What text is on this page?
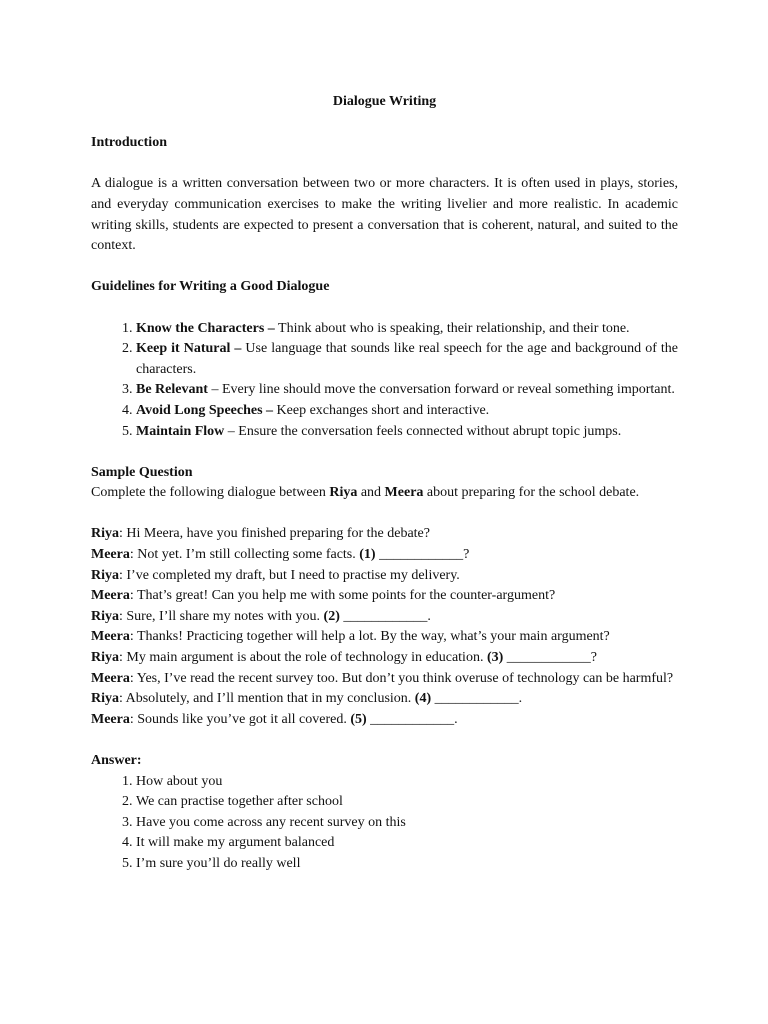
Dialogue Writing

Introduction

A dialogue is a written conversation between two or more characters. It is often used in plays, stories, and everyday communication exercises to make the writing livelier and more realistic. In academic writing skills, students are expected to present a conversation that is coherent, natural, and suited to the context.

Guidelines for Writing a Good Dialogue

1. Know the Characters – Think about who is speaking, their relationship, and their tone.
2. Keep it Natural – Use language that sounds like real speech for the age and background of the characters.
3. Be Relevant – Every line should move the conversation forward or reveal something important.
4. Avoid Long Speeches – Keep exchanges short and interactive.
5. Maintain Flow – Ensure the conversation feels connected without abrupt topic jumps.

Sample Question

Complete the following dialogue between Riya and Meera about preparing for the school debate.

Riya: Hi Meera, have you finished preparing for the debate?

Meera: Not yet. I’m still collecting some facts. (1) ____________?

Riya: I’ve completed my draft, but I need to practise my delivery.

Meera: That’s great! Can you help me with some points for the counter-argument?

Riya: Sure, I’ll share my notes with you. (2) ____________.

Meera: Thanks! Practicing together will help a lot. By the way, what’s your main argument?

Riya: My main argument is about the role of technology in education. (3) ____________?

Meera: Yes, I’ve read the recent survey too. But don’t you think overuse of technology can be harmful?

Riya: Absolutely, and I’ll mention that in my conclusion. (4) ____________.

Meera: Sounds like you’ve got it all covered. (5) ____________.

Answer:

1. How about you
2. We can practise together after school
3. Have you come across any recent survey on this
4. It will make my argument balanced
5. I’m sure you’ll do really well
